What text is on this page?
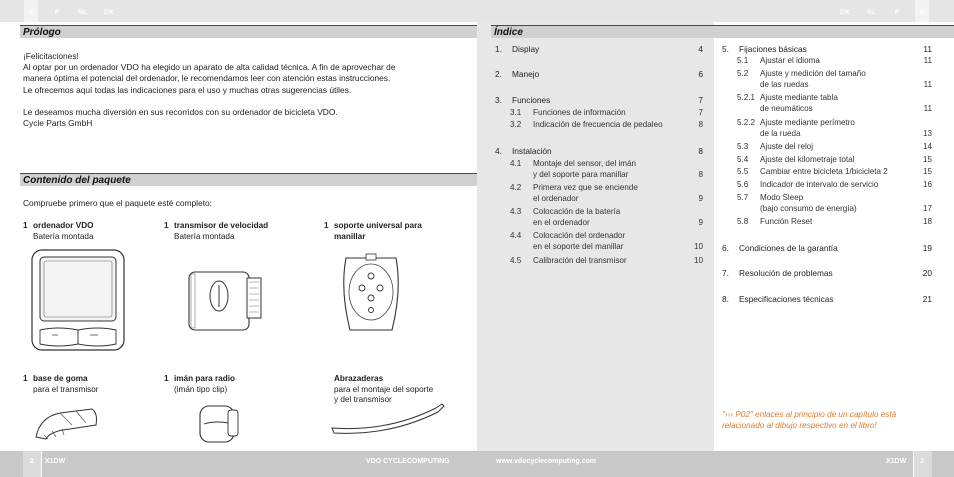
E	P	NL	DK	DK	NL	P	E
Prólogo
¡Felicitaciones!
Al optar por un ordenador VDO ha elegido un aparato de alta calidad técnica. A fin de aprovechar de
manera óptima el potencial del ordenador, le recomendamos leer con atención estas instrucciones.
Le ofrecemos aquí todas las indicaciones para el uso y muchas otras sugerencias útiles.
Le deseamos mucha diversión en sus recorridos con su ordenador de bicicleta VDO.
Cycle Parts GmbH
Contenido del paquete
Compruebe primero que el paquete esté completo:
1 ordenador VDO
Batería montada
1 transmisor de velocidad
Batería montada
1 soporte universal para
manillar
1 base de goma
para el transmisor
1 imán para radio
(imán tipo clip)
Abrazaderas
para el montaje del soporte
y del transmisor
Índice
1.	Display	4
2.	Manejo	6
3.	Funciones	7
3.1	Funciones de información	7
3.2	Indicación de frecuencia de pedaleo	8
4.	Instalación	8
4.1	Montaje del sensor, del imán
y del soporte para manillar	8
4.2	Primera vez que se enciende
el ordenador	9
4.3	Colocación de la batería
en el ordenador	9
4.4	Colocación del ordenador
en el soporte del manillar	10
4.5	Calibración del transmisor	10
5.	Fijaciones básicas	11
5.1	Ajustar el idioma	11
5.2	Ajuste y medición del tamaño
de las ruedas	11
5.2.1 Ajuste mediante tabla
de neumáticos	11
5.2.2 Ajuste mediante perímetro
de la rueda	13
5.3	Ajuste del reloj	14
5.4	Ajuste del kilometraje total	15
5.5	Cambiar entre bicicleta 1/bicicleta 2	15
5.6	Indicador de intervalo de servicio	16
5.7	Modo Sleep
(bajo consumo de energía)	17
5.8	Función Reset	18
6.	Condiciones de la garantía	19
7.	Resolución de problemas	20
8.	Especificaciones técnicas	21
"››› P02" enlaces al principio de un capítulo está relacionado al dibujo respectivo en el libro!
2 X1DW	VDO CYCLECOMPUTING	www.vdocyclecomputing.com	X1DW 3
